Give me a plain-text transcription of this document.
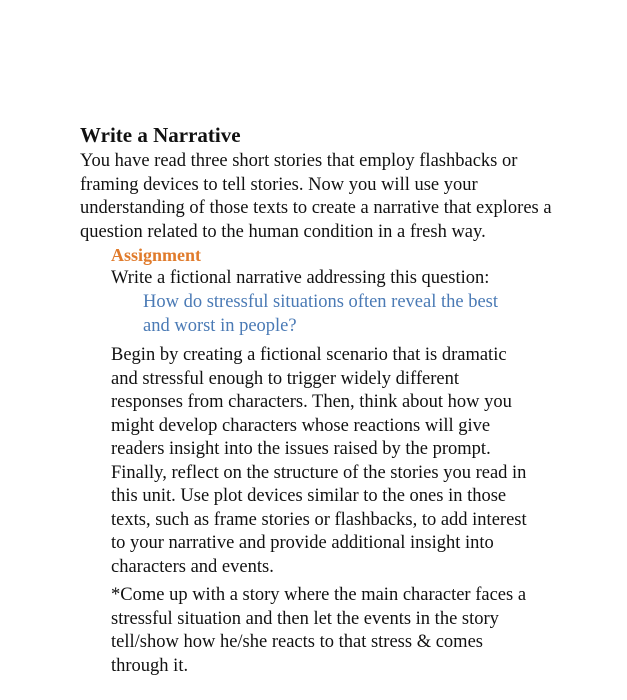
Write a Narrative
You have read three short stories that employ flashbacks or
framing devices to tell stories. Now you will use your
understanding of those texts to create a narrative that explores a
question related to the human condition in a fresh way.
Assignment
Write a fictional narrative addressing this question:
How do stressful situations often reveal the best
and worst in people?
Begin by creating a fictional scenario that is dramatic
and stressful enough to trigger widely different
responses from characters. Then, think about how you
might develop characters whose reactions will give
readers insight into the issues raised by the prompt.
Finally, reflect on the structure of the stories you read in
this unit. Use plot devices similar to the ones in those
texts, such as frame stories or flashbacks, to add interest
to your narrative and provide additional insight into
characters and events.
*Come up with a story where the main character faces a
stressful situation and then let the events in the story
tell/show how he/she reacts to that stress & comes
through it.
